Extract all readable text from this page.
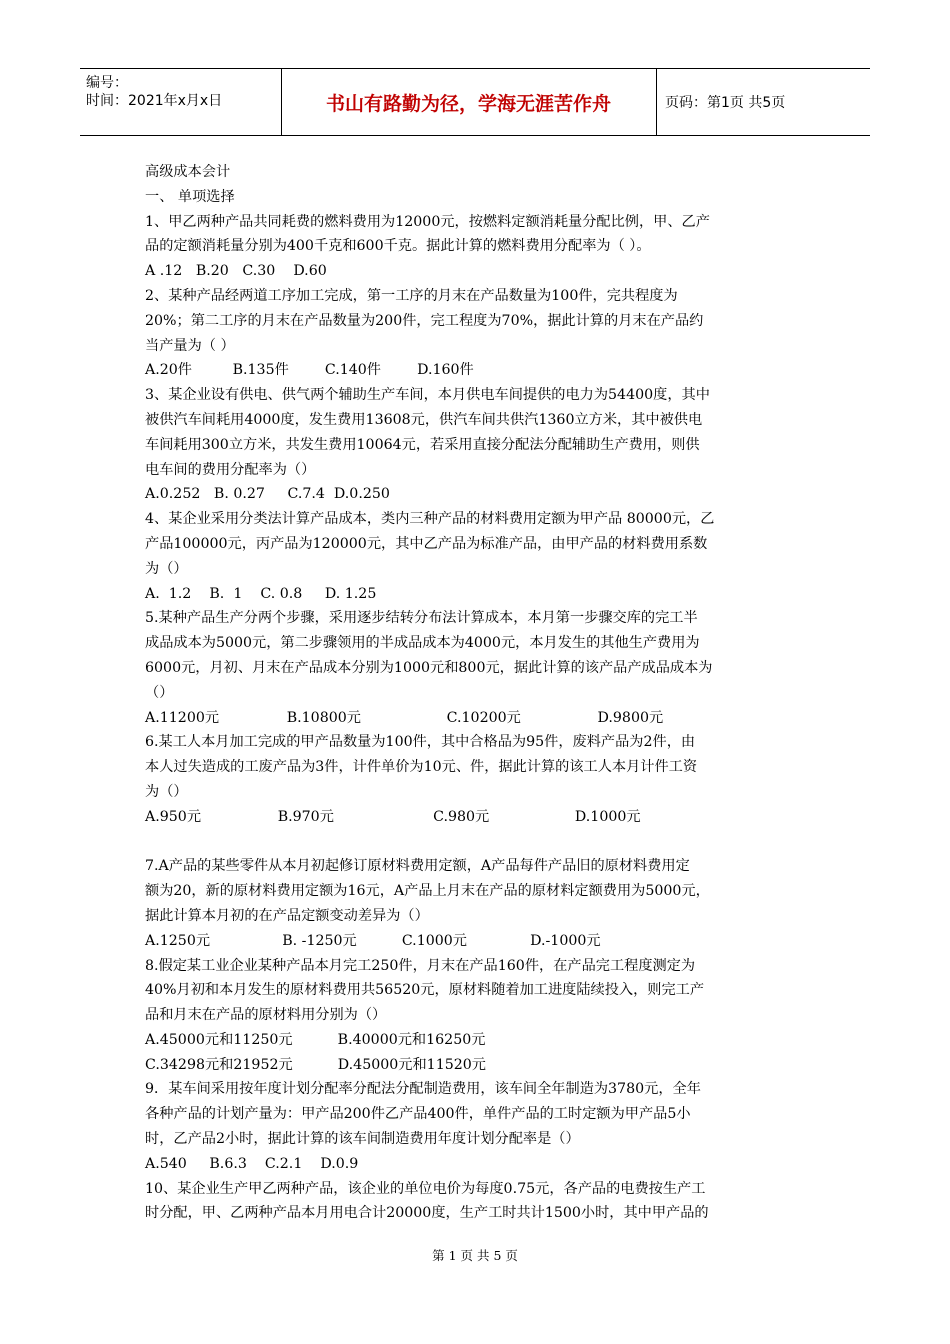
编号：
时间：2021年x月x日	书山有路勤为径，学海无涯苦作舟	页码：第1页 共5页
高级成本会计
一、 单项选择
1、甲乙两种产品共同耗费的燃料费用为12000元，按燃料定额消耗量分配比例，甲、乙产
品的定额消耗量分别为400千克和600千克。据此计算的燃料费用分配率为（ ）。
A .12   B.20   C.30    D.60
2、某种产品经两道工序加工完成，第一工序的月末在产品数量为100件，完共程度为
20%；第二工序的月末在产品数量为200件，完工程度为70%，据此计算的月末在产品约
当产量为（ ）
A.20件         B.135件        C.140件        D.160件
3、某企业设有供电、供气两个辅助生产车间，本月供电车间提供的电力为54400度，其中
被供汽车间耗用4000度，发生费用13608元，供汽车间共供汽1360立方米，其中被供电
车间耗用300立方米，共发生费用10064元，若采用直接分配法分配辅助生产费用，则供
电车间的费用分配率为（）
A.0.252   B. 0.27     C.7.4  D.0.250
4、某企业采用分类法计算产品成本，类内三种产品的材料费用定额为甲产品 80000元，乙
产品100000元，丙产品为120000元，其中乙产品为标准产品，由甲产品的材料费用系数
为（）
A.  1.2    B.  1    C. 0.8     D. 1.25
5.某种产品生产分两个步骤，采用逐步结转分布法计算成本，本月第一步骤交库的完工半
成品成本为5000元，第二步骤领用的半成品成本为4000元，本月发生的其他生产费用为
6000元，月初、月末在产品成本分别为1000元和800元，据此计算的该产品产成品成本为
（）
A.11200元               B.10800元                   C.10200元                 D.9800元
6.某工人本月加工完成的甲产品数量为100件，其中合格品为95件，废料产品为2件，由
本人过失造成的工废产品为3件，计件单价为10元、件，据此计算的该工人本月计件工资
为（）
A.950元                 B.970元                      C.980元                   D.1000元
7.A产品的某些零件从本月初起修订原材料费用定额，A产品每件产品旧的原材料费用定
额为20，新的原材料费用定额为16元，A产品上月末在产品的原材料定额费用为5000元，
据此计算本月初的在产品定额变动差异为（）
A.1250元                B. -1250元          C.1000元              D.-1000元
8.假定某工业企业某种产品本月完工250件，月末在产品160件，在产品完工程度测定为
40%月初和本月发生的原材料费用共56520元，原材料随着加工进度陆续投入，则完工产
品和月末在产品的原材料用分别为（）
A.45000元和11250元          B.40000元和16250元
C.34298元和21952元          D.45000元和11520元
9．某车间采用按年度计划分配率分配法分配制造费用，该车间全年制造为3780元，全年
各种产品的计划产量为：甲产品200件乙产品400件，单件产品的工时定额为甲产品5小
时，乙产品2小时，据此计算的该车间制造费用年度计划分配率是（）
A.540     B.6.3    C.2.1    D.0.9
10、某企业生产甲乙两种产品，该企业的单位电价为每度0.75元，各产品的电费按生产工
时分配，甲、乙两种产品本月用电合计20000度，生产工时共计1500小时，其中甲产品的
第 1 页 共 5 页
